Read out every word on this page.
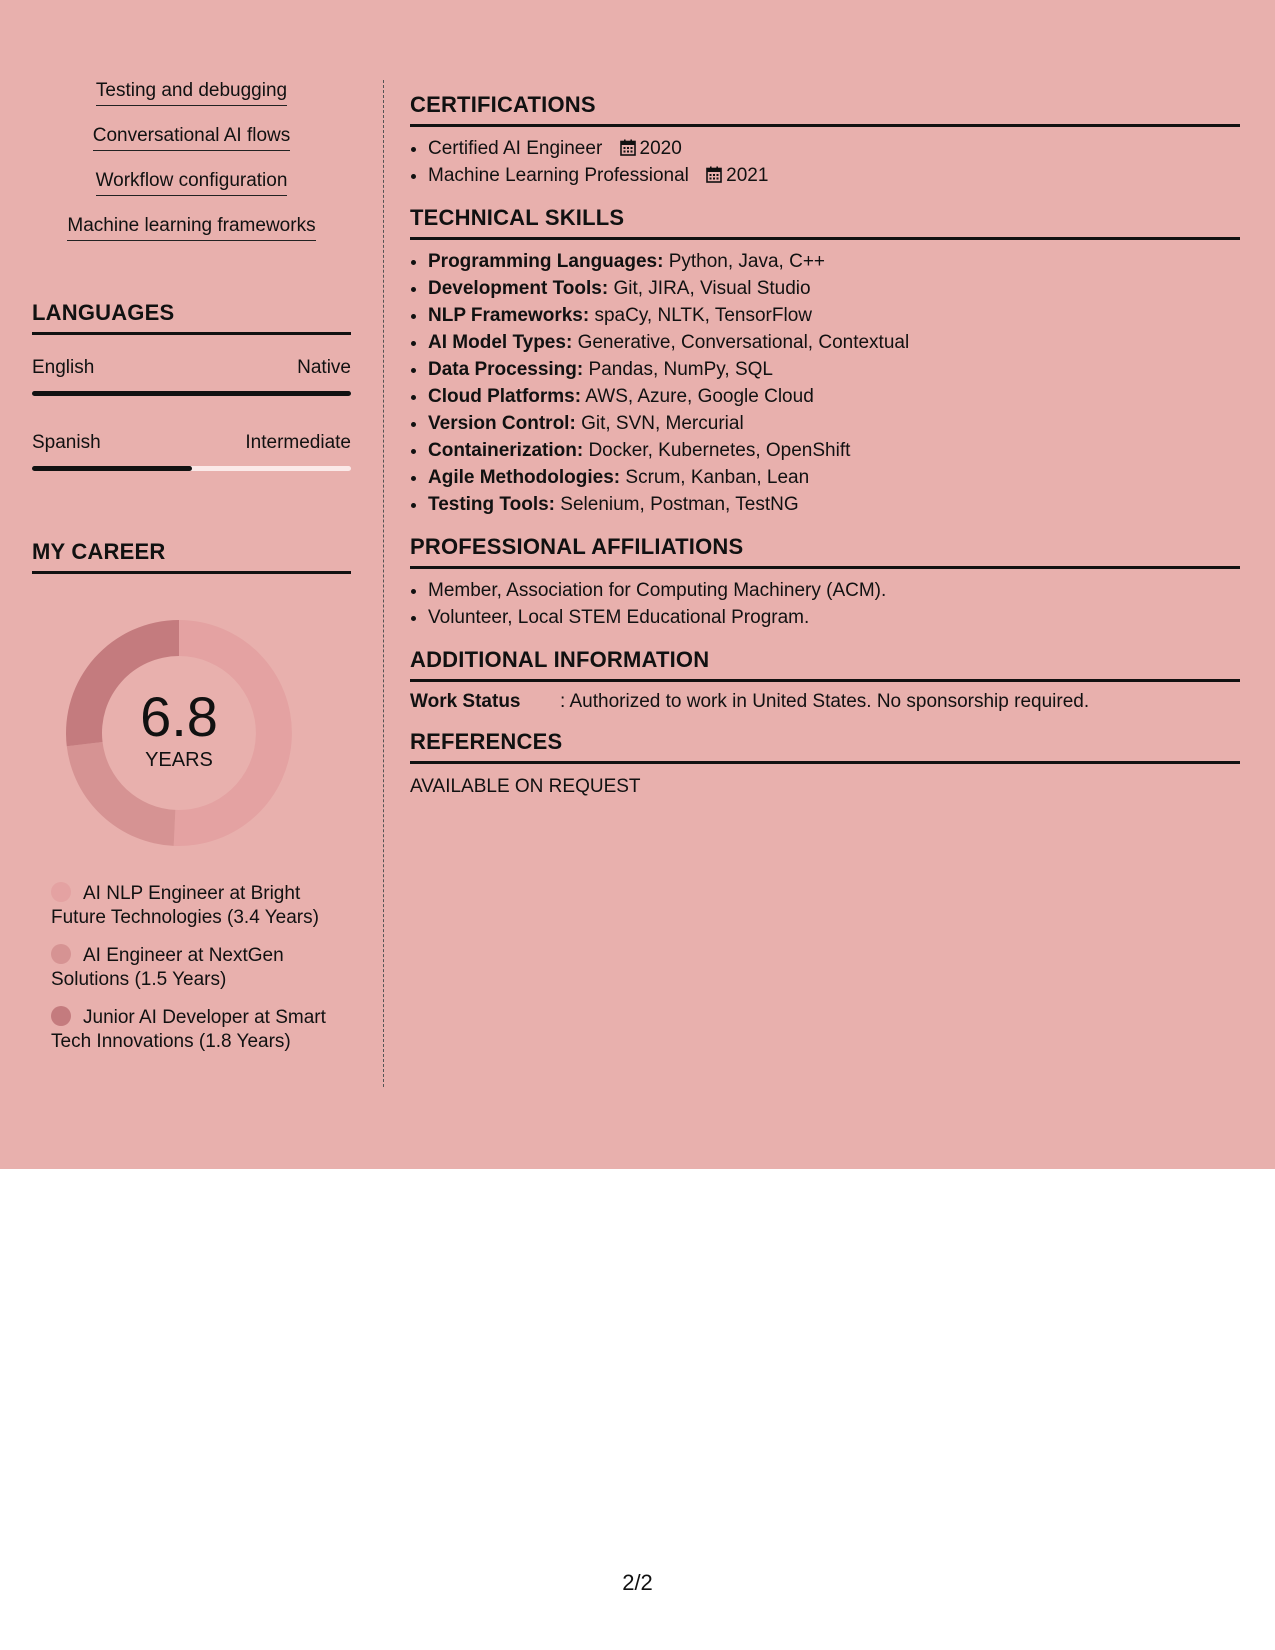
Testing and debugging
Conversational AI flows
Workflow configuration
Machine learning frameworks
LANGUAGES
English	Native
Spanish	Intermediate
MY CAREER
6.8
YEARS
AI NLP Engineer at Bright Future Technologies (3.4 Years)
AI Engineer at NextGen Solutions (1.5 Years)
Junior AI Developer at Smart Tech Innovations (1.8 Years)
CERTIFICATIONS
• Certified AI Engineer 2020
• Machine Learning Professional 2021
TECHNICAL SKILLS
• Programming Languages: Python, Java, C++
• Development Tools: Git, JIRA, Visual Studio
• NLP Frameworks: spaCy, NLTK, TensorFlow
• AI Model Types: Generative, Conversational, Contextual
• Data Processing: Pandas, NumPy, SQL
• Cloud Platforms: AWS, Azure, Google Cloud
• Version Control: Git, SVN, Mercurial
• Containerization: Docker, Kubernetes, OpenShift
• Agile Methodologies: Scrum, Kanban, Lean
• Testing Tools: Selenium, Postman, TestNG
PROFESSIONAL AFFILIATIONS
• Member, Association for Computing Machinery (ACM).
• Volunteer, Local STEM Educational Program.
ADDITIONAL INFORMATION
Work Status	: Authorized to work in United States. No sponsorship required.
REFERENCES
AVAILABLE ON REQUEST
2/2
